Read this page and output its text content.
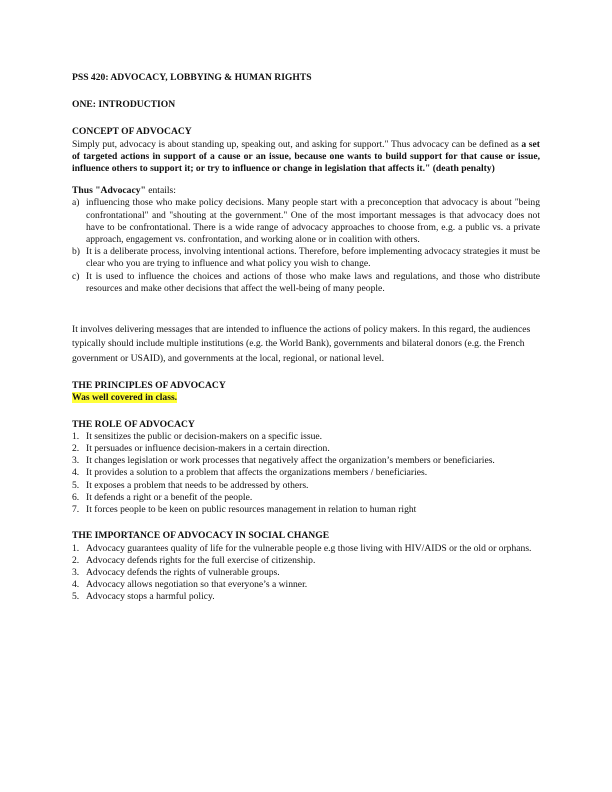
PSS 420: ADVOCACY, LOBBYING & HUMAN RIGHTS

ONE: INTRODUCTION

CONCEPT OF ADVOCACY

Simply put, advocacy is about standing up, speaking out, and asking for support." Thus advocacy can be defined as a set of targeted actions in support of a cause or an issue, because one wants to build support for that cause or issue, influence others to support it; or try to influence or change in legislation that affects it." (death penalty)

Thus "Advocacy" entails:

a) influencing those who make policy decisions. Many people start with a preconception that advocacy is about "being confrontational" and "shouting at the government." One of the most important messages is that advocacy does not have to be confrontational. There is a wide range of advocacy approaches to choose from, e.g. a public vs. a private approach, engagement vs. confrontation, and working alone or in coalition with others.
b) It is a deliberate process, involving intentional actions. Therefore, before implementing advocacy strategies it must be clear who you are trying to influence and what policy you wish to change.
c) It is used to influence the choices and actions of those who make laws and regulations, and those who distribute resources and make other decisions that affect the well-being of many people.

It involves delivering messages that are intended to influence the actions of policy makers. In this regard, the audiences typically should include multiple institutions (e.g. the World Bank), governments and bilateral donors (e.g. the French government or USAID), and governments at the local, regional, or national level.

THE PRINCIPLES OF ADVOCACY

Was well covered in class.

THE ROLE OF ADVOCACY

1. It sensitizes the public or decision-makers on a specific issue.
2. It persuades or influence decision-makers in a certain direction.
3. It changes legislation or work processes that negatively affect the organization’s members or beneficiaries.
4. It provides a solution to a problem that affects the organizations members / beneficiaries.
5. It exposes a problem that needs to be addressed by others.
6. It defends a right or a benefit of the people.
7. It forces people to be keen on public resources management in relation to human right

THE IMPORTANCE OF ADVOCACY IN SOCIAL CHANGE

1. Advocacy guarantees quality of life for the vulnerable people e.g those living with HIV/AIDS or the old or orphans.
2. Advocacy defends rights for the full exercise of citizenship.
3. Advocacy defends the rights of vulnerable groups.
4. Advocacy allows negotiation so that everyone’s a winner.
5. Advocacy stops a harmful policy.
